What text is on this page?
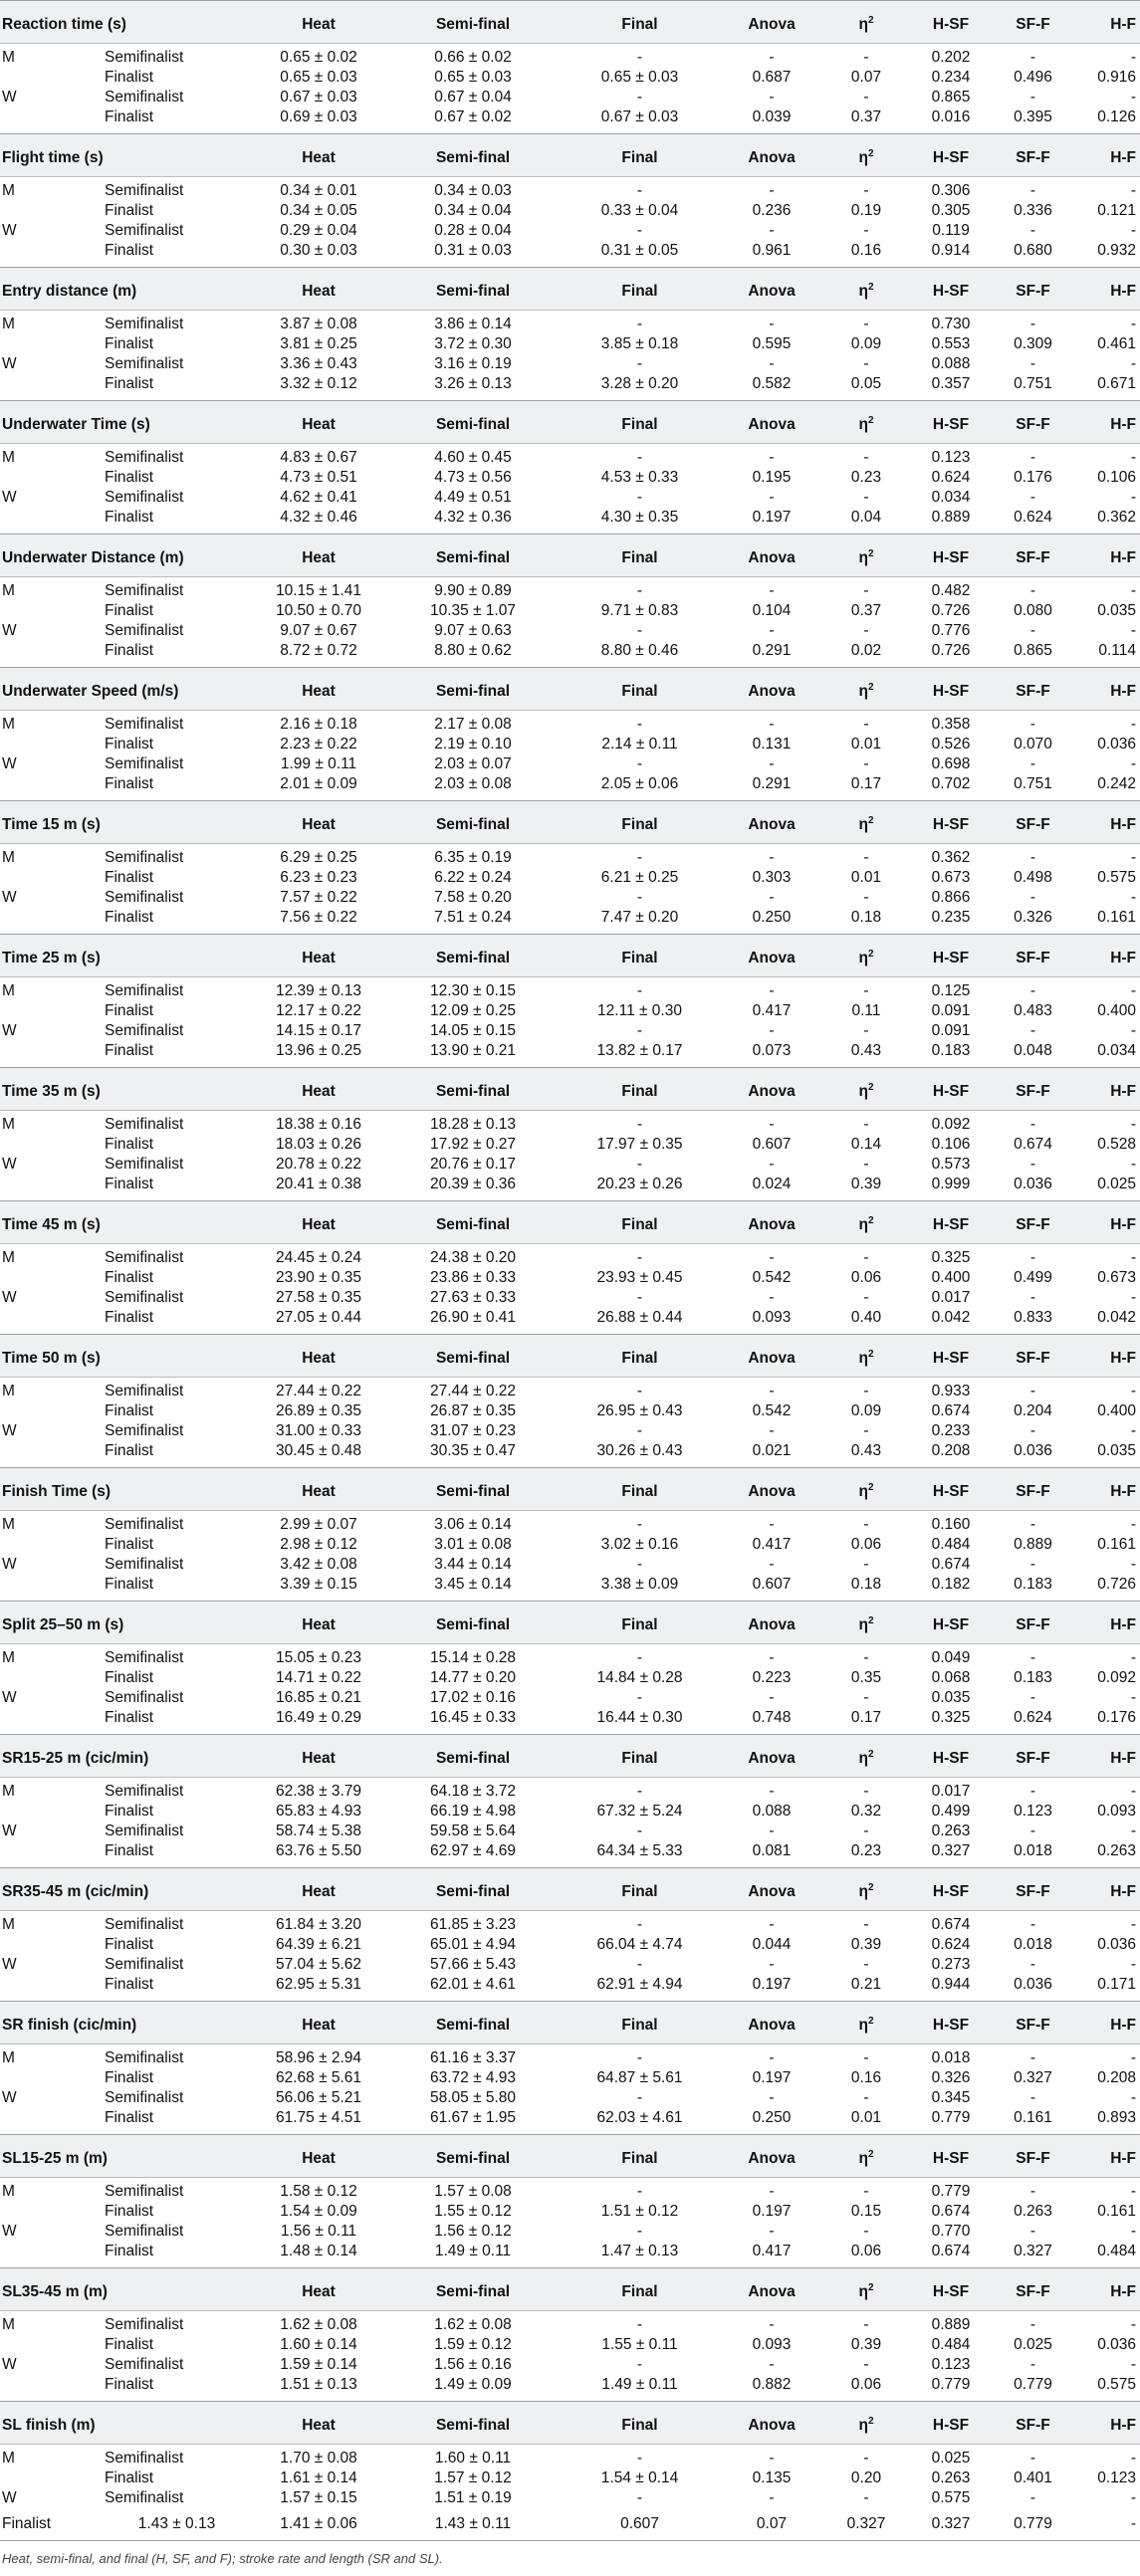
Reaction time (s)		Heat	Semi-final	Final	Anova	$\eta^2$	H-SF	SF-F	H-F
M	Semifinalist	0.65 ± 0.02	0.66 ± 0.02	-	-	-	0.202	-	-
	Finalist	0.65 ± 0.03	0.65 ± 0.03	0.65 ± 0.03	0.687	0.07	0.234	0.496	0.916
W	Semifinalist	0.67 ± 0.03	0.67 ± 0.04	-	-	-	0.865	-	-
	Finalist	0.69 ± 0.03	0.67 ± 0.02	0.67 ± 0.03	0.039	0.37	0.016	0.395	0.126
Flight time (s)		Heat	Semi-final	Final	Anova	$\eta^2$	H-SF	SF-F	H-F
M	Semifinalist	0.34 ± 0.01	0.34 ± 0.03	-	-	-	0.306	-	-
	Finalist	0.34 ± 0.05	0.34 ± 0.04	0.33 ± 0.04	0.236	0.19	0.305	0.336	0.121
W	Semifinalist	0.29 ± 0.04	0.28 ± 0.04	-	-	-	0.119	-	-
	Finalist	0.30 ± 0.03	0.31 ± 0.03	0.31 ± 0.05	0.961	0.16	0.914	0.680	0.932
Entry distance (m)		Heat	Semi-final	Final	Anova	$\eta^2$	H-SF	SF-F	H-F
M	Semifinalist	3.87 ± 0.08	3.86 ± 0.14	-	-	-	0.730	-	-
	Finalist	3.81 ± 0.25	3.72 ± 0.30	3.85 ± 0.18	0.595	0.09	0.553	0.309	0.461
W	Semifinalist	3.36 ± 0.43	3.16 ± 0.19	-	-	-	0.088	-	-
	Finalist	3.32 ± 0.12	3.26 ± 0.13	3.28 ± 0.20	0.582	0.05	0.357	0.751	0.671
Underwater Time (s)		Heat	Semi-final	Final	Anova	$\eta^2$	H-SF	SF-F	H-F
M	Semifinalist	4.83 ± 0.67	4.60 ± 0.45	-	-	-	0.123	-	-
	Finalist	4.73 ± 0.51	4.73 ± 0.56	4.53 ± 0.33	0.195	0.23	0.624	0.176	0.106
W	Semifinalist	4.62 ± 0.41	4.49 ± 0.51	-	-	-	0.034	-	-
	Finalist	4.32 ± 0.46	4.32 ± 0.36	4.30 ± 0.35	0.197	0.04	0.889	0.624	0.362
Underwater Distance (m)		Heat	Semi-final	Final	Anova	$\eta^2$	H-SF	SF-F	H-F
M	Semifinalist	10.15 ± 1.41	9.90 ± 0.89	-	-	-	0.482	-	-
	Finalist	10.50 ± 0.70	10.35 ± 1.07	9.71 ± 0.83	0.104	0.37	0.726	0.080	0.035
W	Semifinalist	9.07 ± 0.67	9.07 ± 0.63	-	-	-	0.776	-	-
	Finalist	8.72 ± 0.72	8.80 ± 0.62	8.80 ± 0.46	0.291	0.02	0.726	0.865	0.114
Underwater Speed (m/s)		Heat	Semi-final	Final	Anova	$\eta^2$	H-SF	SF-F	H-F
M	Semifinalist	2.16 ± 0.18	2.17 ± 0.08	-	-	-	0.358	-	-
	Finalist	2.23 ± 0.22	2.19 ± 0.10	2.14 ± 0.11	0.131	0.01	0.526	0.070	0.036
W	Semifinalist	1.99 ± 0.11	2.03 ± 0.07	-	-	-	0.698	-	-
	Finalist	2.01 ± 0.09	2.03 ± 0.08	2.05 ± 0.06	0.291	0.17	0.702	0.751	0.242
Time 15 m (s)		Heat	Semi-final	Final	Anova	$\eta^2$	H-SF	SF-F	H-F
M	Semifinalist	6.29 ± 0.25	6.35 ± 0.19	-	-	-	0.362	-	-
	Finalist	6.23 ± 0.23	6.22 ± 0.24	6.21 ± 0.25	0.303	0.01	0.673	0.498	0.575
W	Semifinalist	7.57 ± 0.22	7.58 ± 0.20	-	-	-	0.866	-	-
	Finalist	7.56 ± 0.22	7.51 ± 0.24	7.47 ± 0.20	0.250	0.18	0.235	0.326	0.161
Time 25 m (s)		Heat	Semi-final	Final	Anova	$\eta^2$	H-SF	SF-F	H-F
M	Semifinalist	12.39 ± 0.13	12.30 ± 0.15	-	-	-	0.125	-	-
	Finalist	12.17 ± 0.22	12.09 ± 0.25	12.11 ± 0.30	0.417	0.11	0.091	0.483	0.400
W	Semifinalist	14.15 ± 0.17	14.05 ± 0.15	-	-	-	0.091	-	-
	Finalist	13.96 ± 0.25	13.90 ± 0.21	13.82 ± 0.17	0.073	0.43	0.183	0.048	0.034
Time 35 m (s)		Heat	Semi-final	Final	Anova	$\eta^2$	H-SF	SF-F	H-F
M	Semifinalist	18.38 ± 0.16	18.28 ± 0.13	-	-	-	0.092	-	-
	Finalist	18.03 ± 0.26	17.92 ± 0.27	17.97 ± 0.35	0.607	0.14	0.106	0.674	0.528
W	Semifinalist	20.78 ± 0.22	20.76 ± 0.17	-	-	-	0.573	-	-
	Finalist	20.41 ± 0.38	20.39 ± 0.36	20.23 ± 0.26	0.024	0.39	0.999	0.036	0.025
Time 45 m (s)		Heat	Semi-final	Final	Anova	$\eta^2$	H-SF	SF-F	H-F
M	Semifinalist	24.45 ± 0.24	24.38 ± 0.20	-	-	-	0.325	-	-
	Finalist	23.90 ± 0.35	23.86 ± 0.33	23.93 ± 0.45	0.542	0.06	0.400	0.499	0.673
W	Semifinalist	27.58 ± 0.35	27.63 ± 0.33	-	-	-	0.017	-	-
	Finalist	27.05 ± 0.44	26.90 ± 0.41	26.88 ± 0.44	0.093	0.40	0.042	0.833	0.042
Time 50 m (s)		Heat	Semi-final	Final	Anova	$\eta^2$	H-SF	SF-F	H-F
M	Semifinalist	27.44 ± 0.22	27.44 ± 0.22	-	-	-	0.933	-	-
	Finalist	26.89 ± 0.35	26.87 ± 0.35	26.95 ± 0.43	0.542	0.09	0.674	0.204	0.400
W	Semifinalist	31.00 ± 0.33	31.07 ± 0.23	-	-	-	0.233	-	-
	Finalist	30.45 ± 0.48	30.35 ± 0.47	30.26 ± 0.43	0.021	0.43	0.208	0.036	0.035
Finish Time (s)		Heat	Semi-final	Final	Anova	$\eta^2$	H-SF	SF-F	H-F
M	Semifinalist	2.99 ± 0.07	3.06 ± 0.14	-	-	-	0.160	-	-
	Finalist	2.98 ± 0.12	3.01 ± 0.08	3.02 ± 0.16	0.417	0.06	0.484	0.889	0.161
W	Semifinalist	3.42 ± 0.08	3.44 ± 0.14	-	-	-	0.674	-	-
	Finalist	3.39 ± 0.15	3.45 ± 0.14	3.38 ± 0.09	0.607	0.18	0.182	0.183	0.726
Split 25–50 m (s)		Heat	Semi-final	Final	Anova	$\eta^2$	H-SF	SF-F	H-F
M	Semifinalist	15.05 ± 0.23	15.14 ± 0.28	-	-	-	0.049	-	-
	Finalist	14.71 ± 0.22	14.77 ± 0.20	14.84 ± 0.28	0.223	0.35	0.068	0.183	0.092
W	Semifinalist	16.85 ± 0.21	17.02 ± 0.16	-	-	-	0.035	-	-
	Finalist	16.49 ± 0.29	16.45 ± 0.33	16.44 ± 0.30	0.748	0.17	0.325	0.624	0.176
SR15-25 m (cic/min)		Heat	Semi-final	Final	Anova	$\eta^2$	H-SF	SF-F	H-F
M	Semifinalist	62.38 ± 3.79	64.18 ± 3.72	-	-	-	0.017	-	-
	Finalist	65.83 ± 4.93	66.19 ± 4.98	67.32 ± 5.24	0.088	0.32	0.499	0.123	0.093
W	Semifinalist	58.74 ± 5.38	59.58 ± 5.64	-	-	-	0.263	-	-
	Finalist	63.76 ± 5.50	62.97 ± 4.69	64.34 ± 5.33	0.081	0.23	0.327	0.018	0.263
SR35-45 m (cic/min)		Heat	Semi-final	Final	Anova	$\eta^2$	H-SF	SF-F	H-F
M	Semifinalist	61.84 ± 3.20	61.85 ± 3.23	-	-	-	0.674	-	-
	Finalist	64.39 ± 6.21	65.01 ± 4.94	66.04 ± 4.74	0.044	0.39	0.624	0.018	0.036
W	Semifinalist	57.04 ± 5.62	57.66 ± 5.43	-	-	-	0.273	-	-
	Finalist	62.95 ± 5.31	62.01 ± 4.61	62.91 ± 4.94	0.197	0.21	0.944	0.036	0.171
SR finish (cic/min)		Heat	Semi-final	Final	Anova	$\eta^2$	H-SF	SF-F	H-F
M	Semifinalist	58.96 ± 2.94	61.16 ± 3.37	-	-	-	0.018	-	-
	Finalist	62.68 ± 5.61	63.72 ± 4.93	64.87 ± 5.61	0.197	0.16	0.326	0.327	0.208
W	Semifinalist	56.06 ± 5.21	58.05 ± 5.80	-	-	-	0.345	-	-
	Finalist	61.75 ± 4.51	61.67 ± 1.95	62.03 ± 4.61	0.250	0.01	0.779	0.161	0.893
SL15-25 m (m)		Heat	Semi-final	Final	Anova	$\eta^2$	H-SF	SF-F	H-F
M	Semifinalist	1.58 ± 0.12	1.57 ± 0.08	-	-	-	0.779	-	-
	Finalist	1.54 ± 0.09	1.55 ± 0.12	1.51 ± 0.12	0.197	0.15	0.674	0.263	0.161
W	Semifinalist	1.56 ± 0.11	1.56 ± 0.12	-	-	-	0.770	-	-
	Finalist	1.48 ± 0.14	1.49 ± 0.11	1.47 ± 0.13	0.417	0.06	0.674	0.327	0.484
SL35-45 m (m)		Heat	Semi-final	Final	Anova	$\eta^2$	H-SF	SF-F	H-F
M	Semifinalist	1.62 ± 0.08	1.62 ± 0.08	-	-	-	0.889	-	-
	Finalist	1.60 ± 0.14	1.59 ± 0.12	1.55 ± 0.11	0.093	0.39	0.484	0.025	0.036
W	Semifinalist	1.59 ± 0.14	1.56 ± 0.16	-	-	-	0.123	-	-
	Finalist	1.51 ± 0.13	1.49 ± 0.09	1.49 ± 0.11	0.882	0.06	0.779	0.779	0.575
SL finish (m)		Heat	Semi-final	Final	Anova	$\eta^2$	H-SF	SF-F	H-F
M	Semifinalist	1.70 ± 0.08	1.60 ± 0.11	-	-	-	0.025	-	-
	Finalist	1.61 ± 0.14	1.57 ± 0.12	1.54 ± 0.14	0.135	0.20	0.263	0.401	0.123
W	Semifinalist	1.57 ± 0.15	1.51 ± 0.19	-	-	-	0.575	-	-
Finalist	1.43 ± 0.13	1.41 ± 0.06	1.43 ± 0.11	0.607	0.07	0.327	0.327	0.779	-
Heat, semi-final, and final (H, SF, and F); stroke rate and length (SR and SL).
